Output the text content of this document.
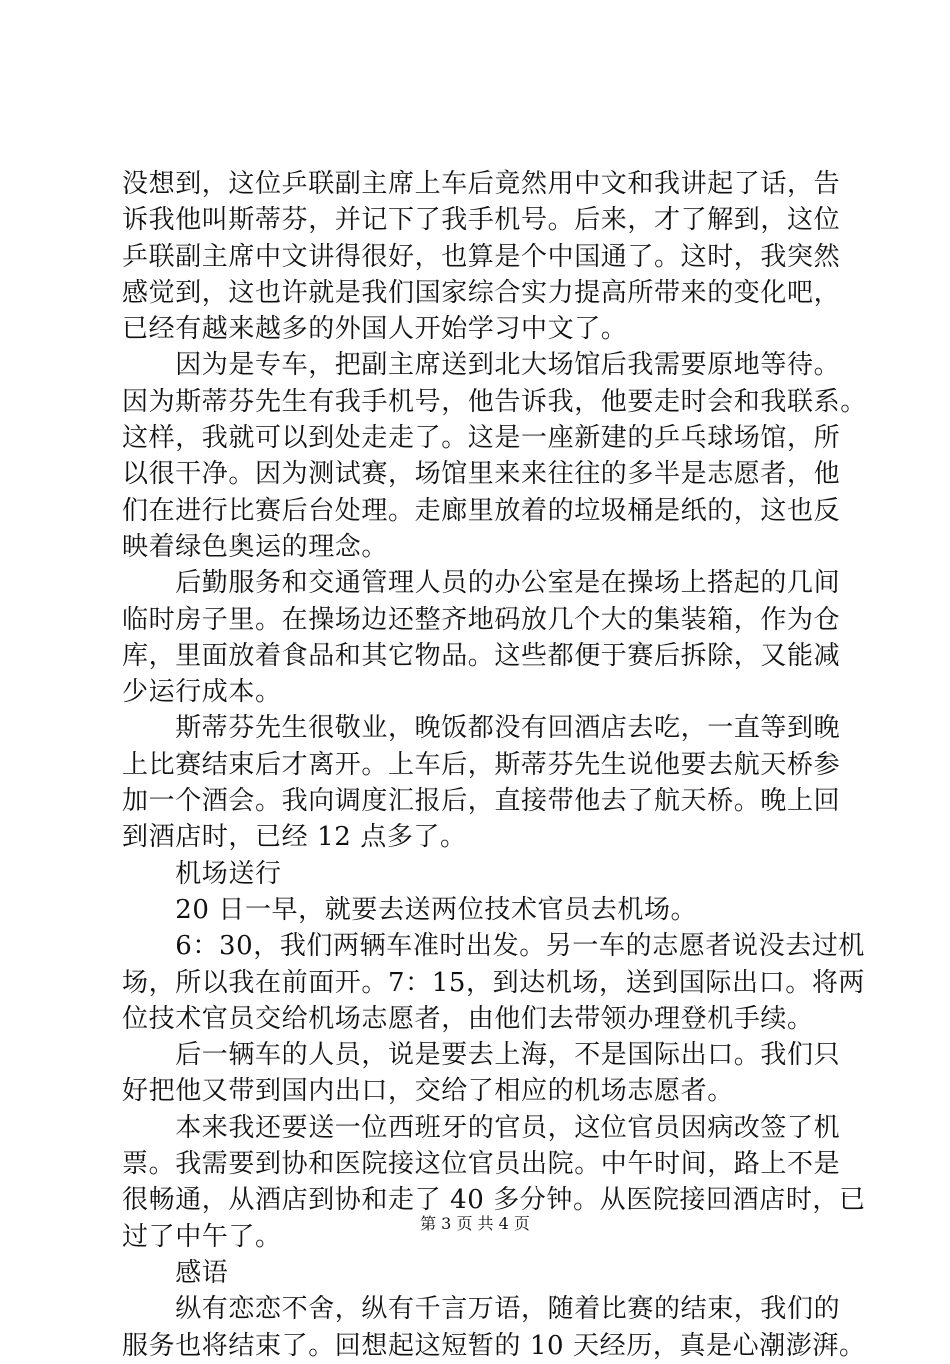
没想到，这位乒联副主席上车后竟然用中文和我讲起了话，告
诉我他叫斯蒂芬，并记下了我手机号。后来，才了解到，这位
乒联副主席中文讲得很好，也算是个中国通了。这时，我突然
感觉到，这也许就是我们国家综合实力提高所带来的变化吧，
已经有越来越多的外国人开始学习中文了。
　　因为是专车，把副主席送到北大场馆后我需要原地等待。
因为斯蒂芬先生有我手机号，他告诉我，他要走时会和我联系。
这样，我就可以到处走走了。这是一座新建的乒乓球场馆，所
以很干净。因为测试赛，场馆里来来往往的多半是志愿者，他
们在进行比赛后台处理。走廊里放着的垃圾桶是纸的，这也反
映着绿色奥运的理念。
　　后勤服务和交通管理人员的办公室是在操场上搭起的几间
临时房子里。在操场边还整齐地码放几个大的集装箱，作为仓
库，里面放着食品和其它物品。这些都便于赛后拆除，又能减
少运行成本。
　　斯蒂芬先生很敬业，晚饭都没有回酒店去吃，一直等到晚
上比赛结束后才离开。上车后，斯蒂芬先生说他要去航天桥参
加一个酒会。我向调度汇报后，直接带他去了航天桥。晚上回
到酒店时，已经 12 点多了。
　　机场送行
　　20 日一早，就要去送两位技术官员去机场。
　　6：30，我们两辆车准时出发。另一车的志愿者说没去过机
场，所以我在前面开。7：15，到达机场，送到国际出口。将两
位技术官员交给机场志愿者，由他们去带领办理登机手续。
　　后一辆车的人员，说是要去上海，不是国际出口。我们只
好把他又带到国内出口，交给了相应的机场志愿者。
　　本来我还要送一位西班牙的官员，这位官员因病改签了机
票。我需要到协和医院接这位官员出院。中午时间，路上不是
很畅通，从酒店到协和走了 40 多分钟。从医院接回酒店时，已
过了中午了。
　　感语
　　纵有恋恋不舍，纵有千言万语，随着比赛的结束，我们的
服务也将结束了。回想起这短暂的 10 天经历，真是心潮澎湃。
第 3 页 共 4 页
